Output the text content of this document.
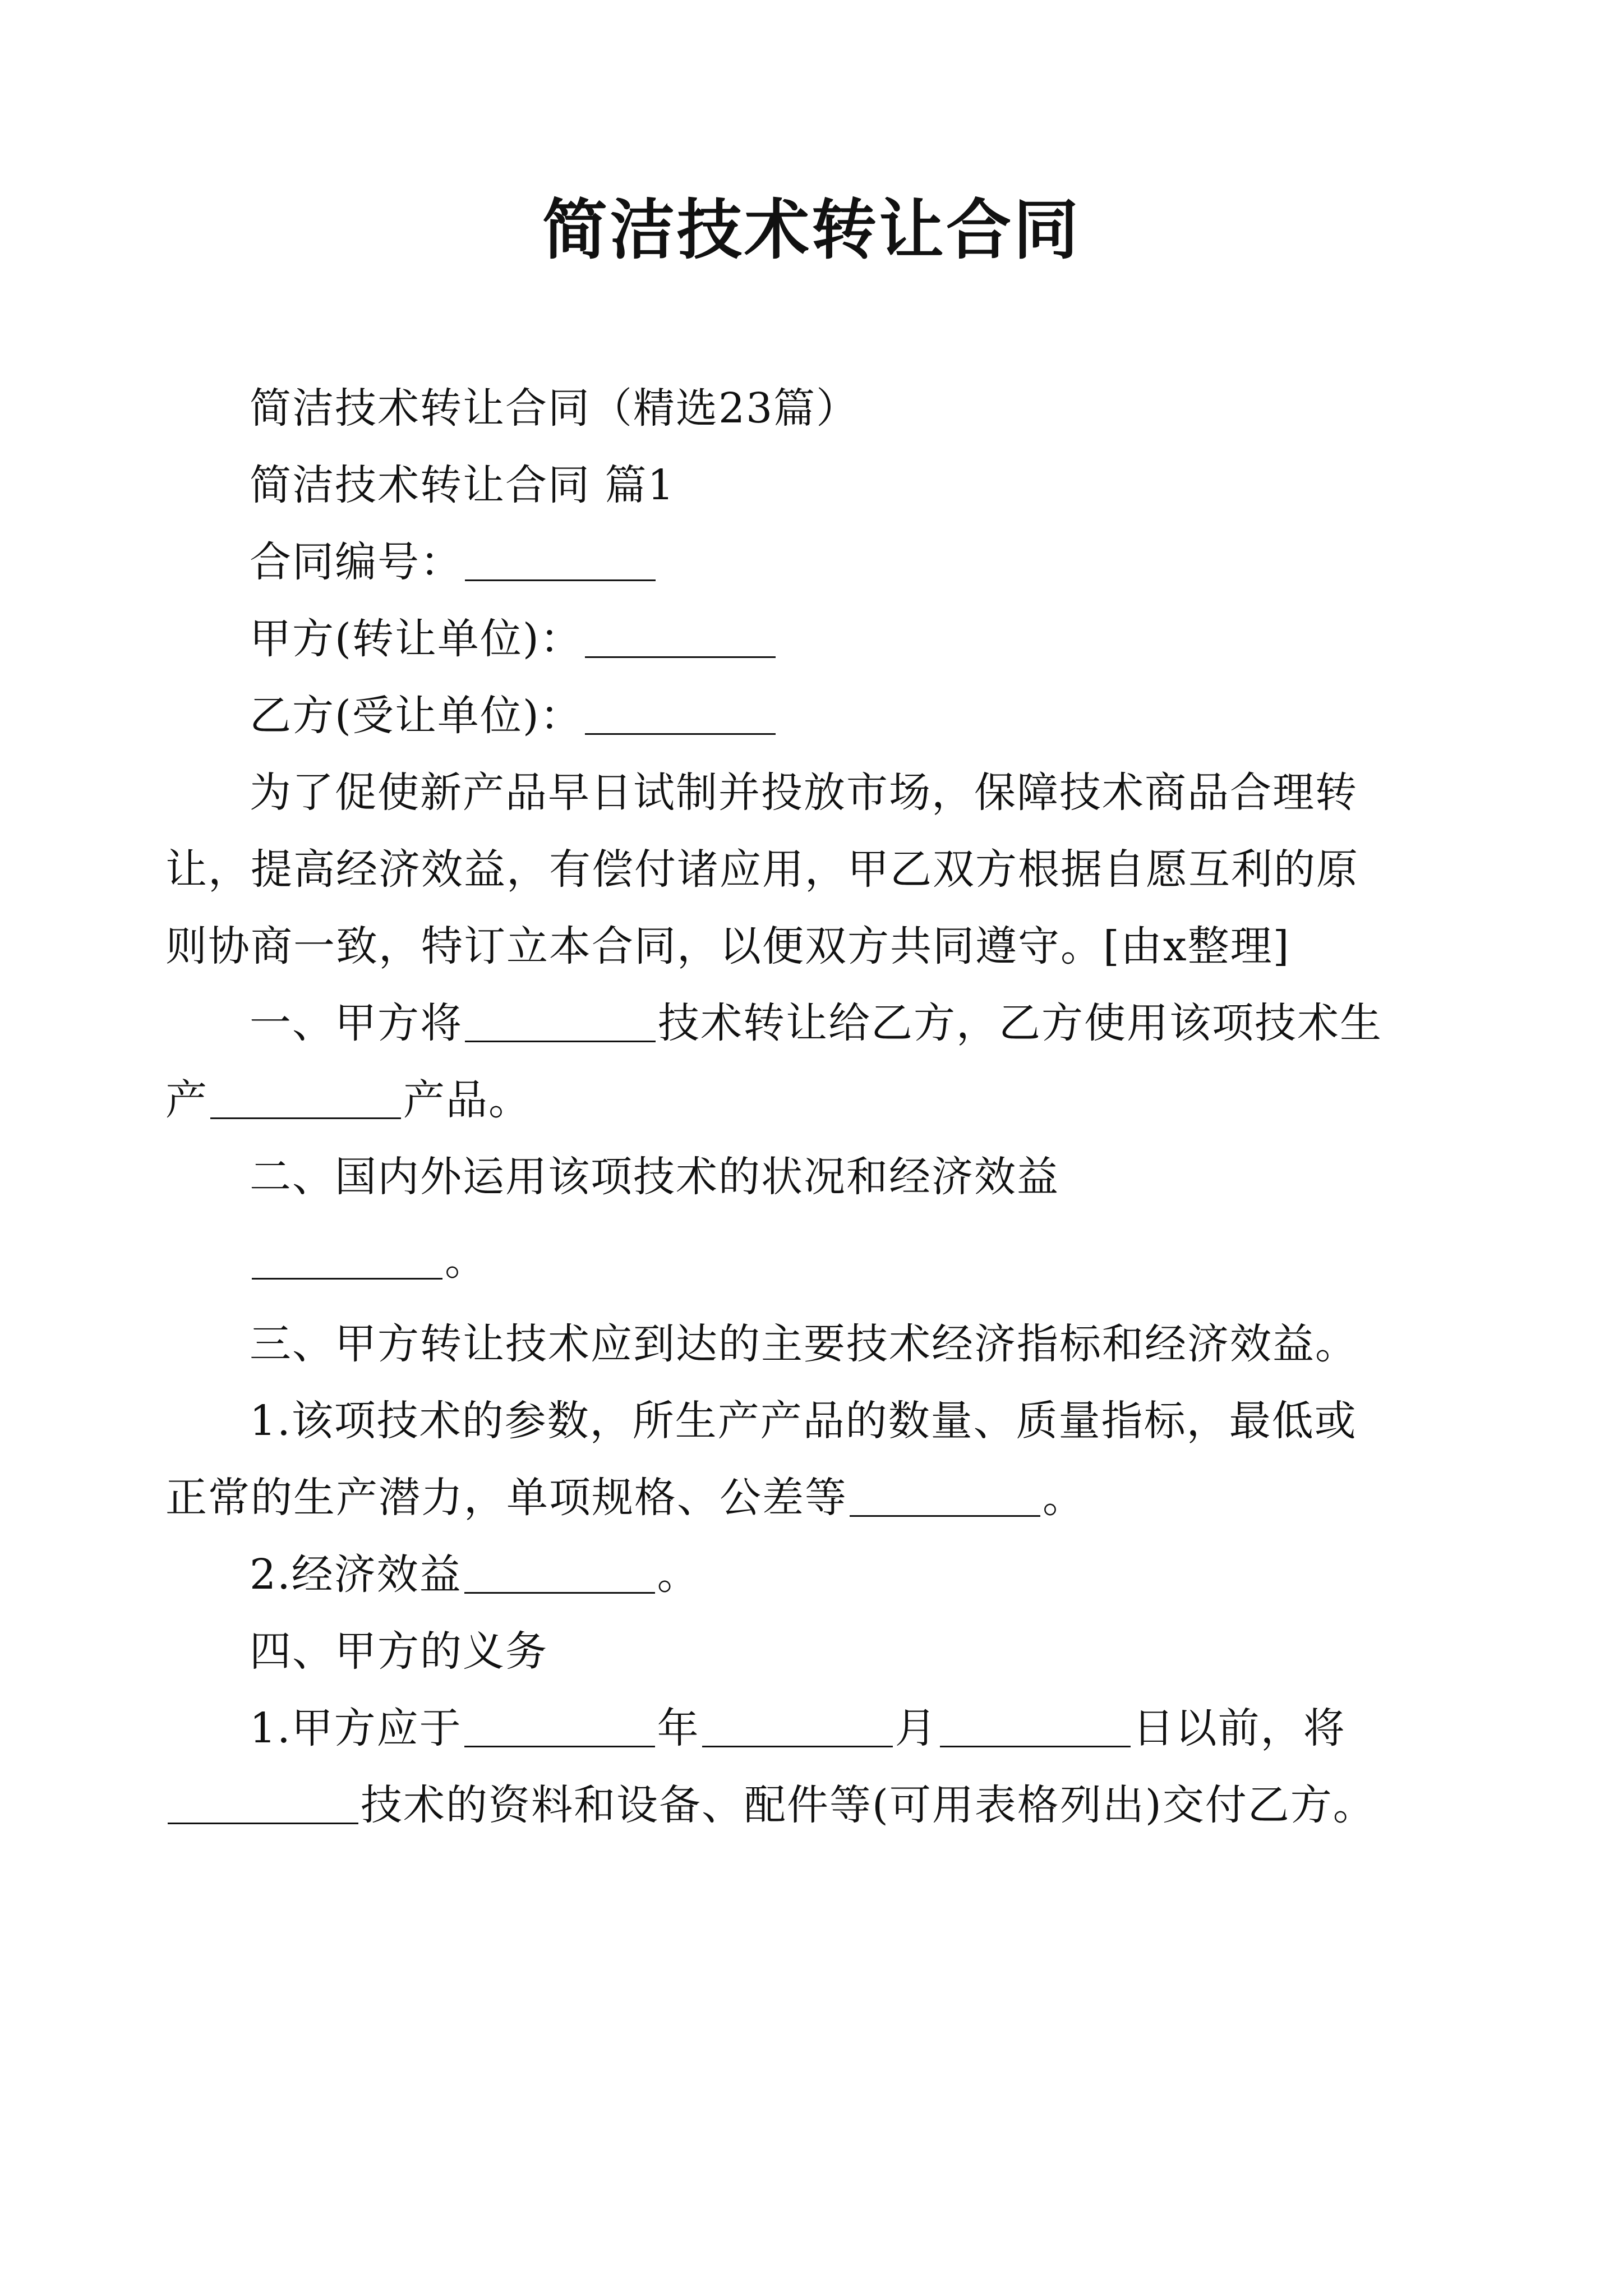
简洁技术转让合同

简洁技术转让合同（精选23篇）

简洁技术转让合同 篇1

合同编号：

甲方(转让单位)：

乙方(受让单位)：

为了促使新产品早日试制并投放市场，保障技术商品合理转让，提高经济效益，有偿付诸应用，甲乙双方根据自愿互利的原则协商一致，特订立本合同，以便双方共同遵守。[由x整理]

一、甲方将	技术转让给乙方，乙方使用该项技术生产	产品。

二、国内外运用该项技术的状况和经济效益

。

三、甲方转让技术应到达的主要技术经济指标和经济效益。

1.该项技术的参数，所生产产品的数量、质量指标，最低或正常的生产潜力，单项规格、公差等	。

2.经济效益	。

四、甲方的义务

1.甲方应于	年	月	日以前，将技术的资料和设备、配件等(可用表格列出)交付乙方。
